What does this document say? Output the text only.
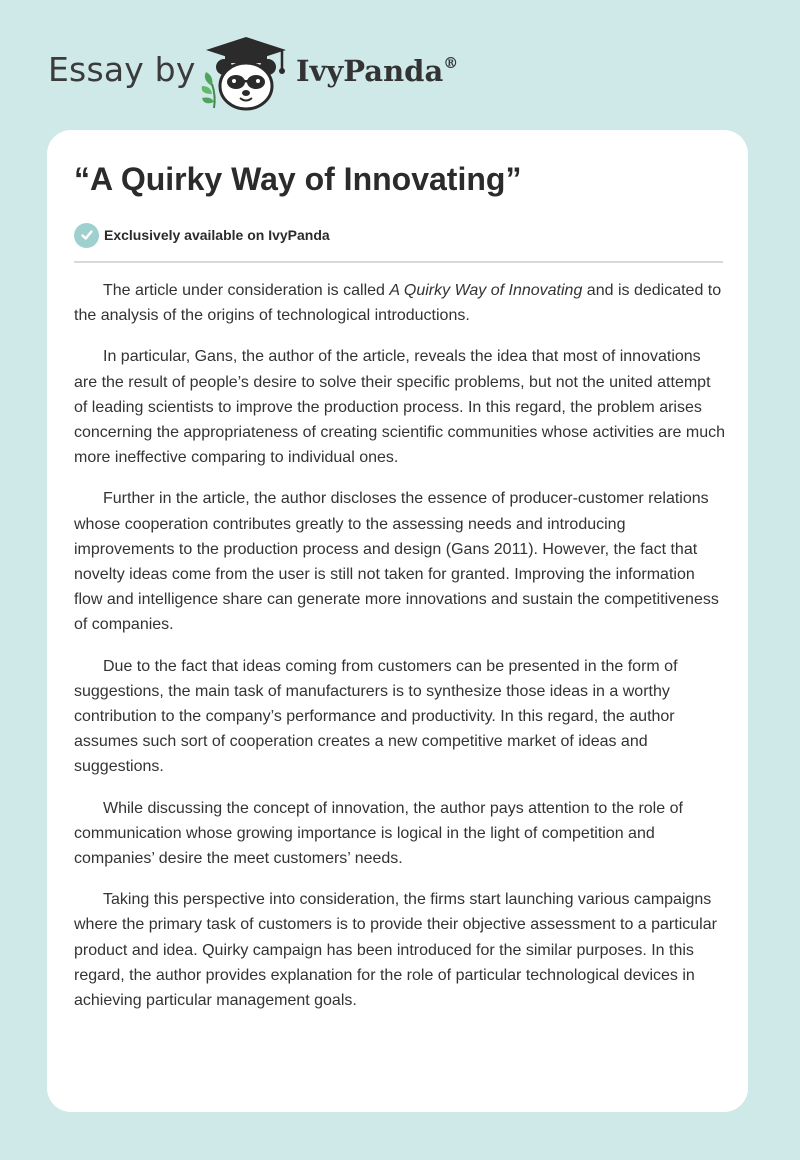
Essay by	IvyPanda®
“A Quirky Way of Innovating”
Exclusively available on IvyPanda

The article under consideration is called A Quirky Way of Innovating and is dedicated to the analysis of the origins of technological introductions.

In particular, Gans, the author of the article, reveals the idea that most of innovations are the result of people’s desire to solve their specific problems, but not the united attempt of leading scientists to improve the production process. In this regard, the problem arises concerning the appropriateness of creating scientific communities whose activities are much more ineffective comparing to individual ones.

Further in the article, the author discloses the essence of producer-customer relations whose cooperation contributes greatly to the assessing needs and introducing improvements to the production process and design (Gans 2011). However, the fact that novelty ideas come from the user is still not taken for granted. Improving the information flow and intelligence share can generate more innovations and sustain the competitiveness of companies.

Due to the fact that ideas coming from customers can be presented in the form of suggestions, the main task of manufacturers is to synthesize those ideas in a worthy contribution to the company’s performance and productivity. In this regard, the author assumes such sort of cooperation creates a new competitive market of ideas and suggestions.

While discussing the concept of innovation, the author pays attention to the role of communication whose growing importance is logical in the light of competition and companies’ desire the meet customers’ needs.

Taking this perspective into consideration, the firms start launching various campaigns where the primary task of customers is to provide their objective assessment to a particular product and idea. Quirky campaign has been introduced for the similar purposes. In this regard, the author provides explanation for the role of particular technological devices in achieving particular management goals.
